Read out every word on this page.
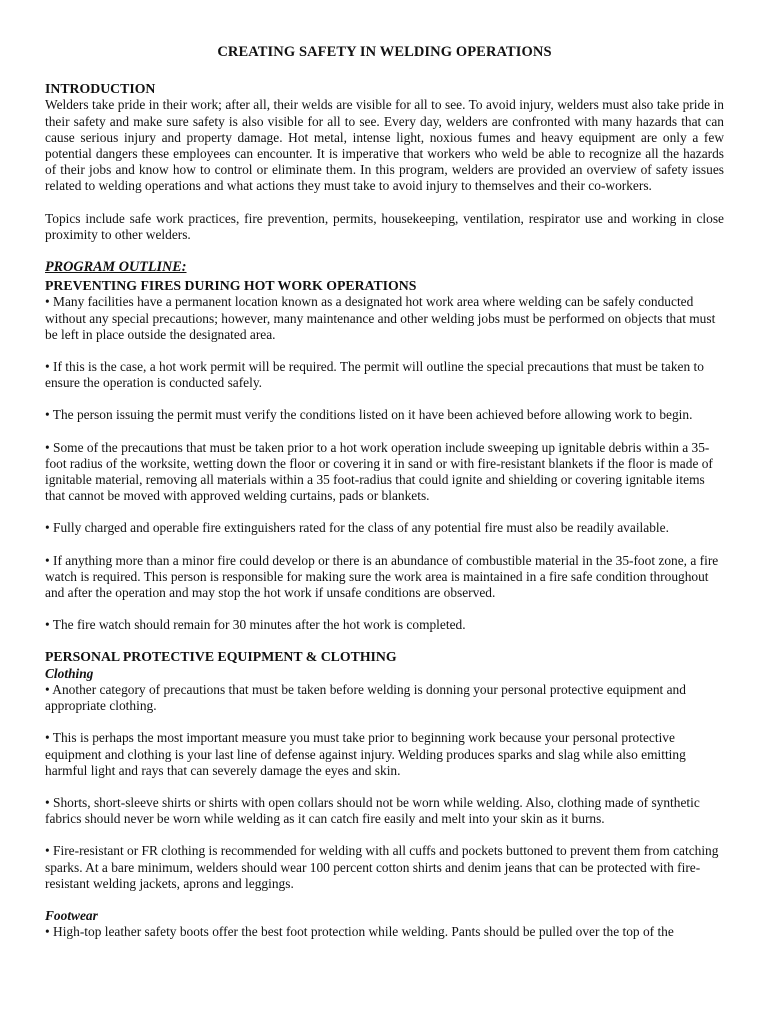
CREATING SAFETY IN WELDING OPERATIONS
INTRODUCTION

Welders take pride in their work; after all, their welds are visible for all to see. To avoid injury, welders must also take pride in their safety and make sure safety is also visible for all to see. Every day, welders are confronted with many hazards that can cause serious injury and property damage. Hot metal, intense light, noxious fumes and heavy equipment are only a few potential dangers these employees can encounter. It is imperative that workers who weld be able to recognize all the hazards of their jobs and know how to control or eliminate them. In this program, welders are provided an overview of safety issues related to welding operations and what actions they must take to avoid injury to themselves and their co-workers.

Topics include safe work practices, fire prevention, permits, housekeeping, ventilation, respirator use and working in close proximity to other welders.

PROGRAM OUTLINE:
PREVENTING FIRES DURING HOT WORK OPERATIONS

• Many facilities have a permanent location known as a designated hot work area where welding can be safely conducted without any special precautions; however, many maintenance and other welding jobs must be performed on objects that must be left in place outside the designated area.

• If this is the case, a hot work permit will be required. The permit will outline the special precautions that must be taken to ensure the operation is conducted safely.

• The person issuing the permit must verify the conditions listed on it have been achieved before allowing work to begin.

• Some of the precautions that must be taken prior to a hot work operation include sweeping up ignitable debris within a 35-foot radius of the worksite, wetting down the floor or covering it in sand or with fire-resistant blankets if the floor is made of ignitable material, removing all materials within a 35 foot-radius that could ignite and shielding or covering ignitable items that cannot be moved with approved welding curtains, pads or blankets.

• Fully charged and operable fire extinguishers rated for the class of any potential fire must also be readily available.

• If anything more than a minor fire could develop or there is an abundance of combustible material in the 35-foot zone, a fire watch is required. This person is responsible for making sure the work area is maintained in a fire safe condition throughout and after the operation and may stop the hot work if unsafe conditions are observed.

• The fire watch should remain for 30 minutes after the hot work is completed.

PERSONAL PROTECTIVE EQUIPMENT & CLOTHING
Clothing

• Another category of precautions that must be taken before welding is donning your personal protective equipment and appropriate clothing.

• This is perhaps the most important measure you must take prior to beginning work because your personal protective equipment and clothing is your last line of defense against injury. Welding produces sparks and slag while also emitting harmful light and rays that can severely damage the eyes and skin.

• Shorts, short-sleeve shirts or shirts with open collars should not be worn while welding. Also, clothing made of synthetic fabrics should never be worn while welding as it can catch fire easily and melt into your skin as it burns.

• Fire-resistant or FR clothing is recommended for welding with all cuffs and pockets buttoned to prevent them from catching sparks. At a bare minimum, welders should wear 100 percent cotton shirts and denim jeans that can be protected with fire-resistant welding jackets, aprons and leggings.

Footwear

• High-top leather safety boots offer the best foot protection while welding. Pants should be pulled over the top of the
